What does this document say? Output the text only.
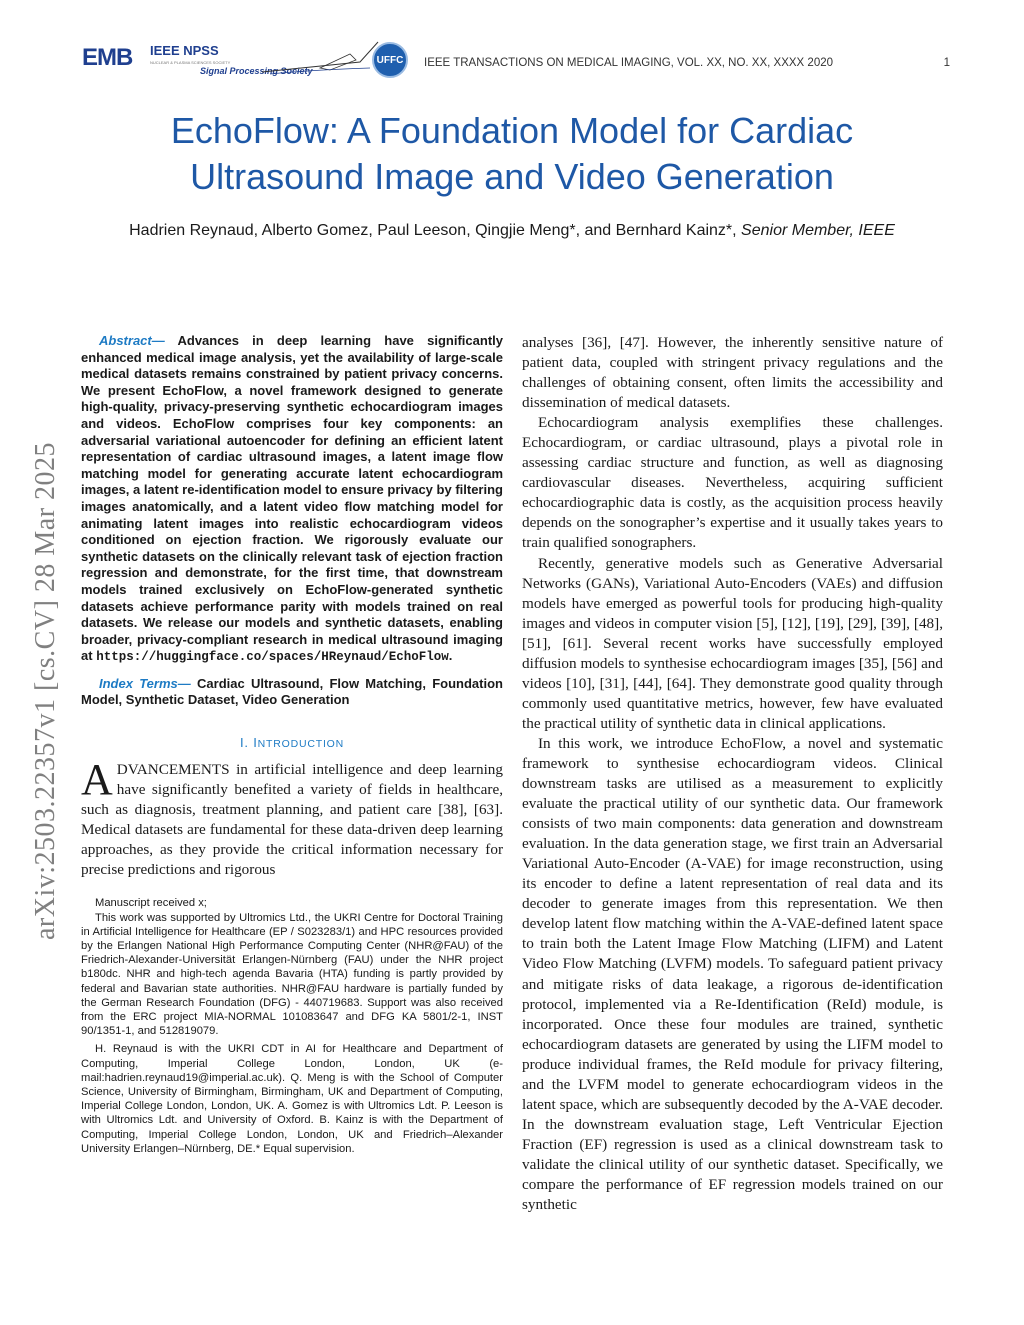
EMB IEEE NPSS
NUCLEAR & PLASMA SCIENCES SOCIETY
Signal Processing Society
UFFC	IEEE TRANSACTIONS ON MEDICAL IMAGING, VOL. XX, NO. XX, XXXX 2020	1
EchoFlow: A Foundation Model for Cardiac
Ultrasound Image and Video Generation
Hadrien Reynaud, Alberto Gomez, Paul Leeson, Qingjie Meng*, and Bernhard Kainz*, Senior Member, IEEE
arXiv:2503.22357v1 [cs.CV] 28 Mar 2025

Abstract— Advances in deep learning have significantly enhanced medical image analysis, yet the availability of large-scale medical datasets remains constrained by patient privacy concerns. We present EchoFlow, a novel framework designed to generate high-quality, privacy-preserving synthetic echocardiogram images and videos. EchoFlow comprises four key components: an adversarial variational autoencoder for defining an efficient latent representation of cardiac ultrasound images, a latent image flow matching model for generating accurate latent echocardiogram images, a latent re-identification model to ensure privacy by filtering images anatomically, and a latent video flow matching model for animating latent images into realistic echocardiogram videos conditioned on ejection fraction. We rigorously evaluate our synthetic datasets on the clinically relevant task of ejection fraction regression and demonstrate, for the first time, that downstream models trained exclusively on EchoFlow-generated synthetic datasets achieve performance parity with models trained on real datasets. We release our models and synthetic datasets, enabling broader, privacy-compliant research in medical ultrasound imaging at https://huggingface.co/spaces/HReynaud/EchoFlow.

Index Terms— Cardiac Ultrasound, Flow Matching, Foundation Model, Synthetic Dataset, Video Generation

I. INTRODUCTION

ADVANCEMENTS in artificial intelligence and deep learning have significantly benefited a variety of fields in healthcare, such as diagnosis, treatment planning, and patient care [38], [63]. Medical datasets are fundamental for these data-driven deep learning approaches, as they provide the critical information necessary for precise predictions and rigorous

Manuscript received x;

This work was supported by Ultromics Ltd., the UKRI Centre for Doctoral Training in Artificial Intelligence for Healthcare (EP / S023283/1) and HPC resources provided by the Erlangen National High Performance Computing Center (NHR@FAU) of the Friedrich-Alexander-Universität Erlangen-Nürnberg (FAU) under the NHR project b180dc. NHR and high-tech agenda Bavaria (HTA) funding is partly provided by federal and Bavarian state authorities. NHR@FAU hardware is partially funded by the German Research Foundation (DFG) - 440719683. Support was also received from the ERC project MIA-NORMAL 101083647 and DFG KA 5801/2-1, INST 90/1351-1, and 512819079.

H. Reynaud is with the UKRI CDT in AI for Healthcare and Department of Computing, Imperial College London, London, UK (e-mail:hadrien.reynaud19@imperial.ac.uk). Q. Meng is with the School of Computer Science, University of Birmingham, Birmingham, UK and Department of Computing, Imperial College London, London, UK. A. Gomez is with Ultromics Ldt. P. Leeson is with Ultromics Ldt. and University of Oxford. B. Kainz is with the Department of Computing, Imperial College London, London, UK and Friedrich–Alexander University Erlangen–Nürnberg, DE.* Equal supervision.

analyses [36], [47]. However, the inherently sensitive nature of patient data, coupled with stringent privacy regulations and the challenges of obtaining consent, often limits the accessibility and dissemination of medical datasets.

Echocardiogram analysis exemplifies these challenges. Echocardiogram, or cardiac ultrasound, plays a pivotal role in assessing cardiac structure and function, as well as diagnosing cardiovascular diseases. Nevertheless, acquiring sufficient echocardiographic data is costly, as the acquisition process heavily depends on the sonographer’s expertise and it usually takes years to train qualified sonographers.

Recently, generative models such as Generative Adversarial Networks (GANs), Variational Auto-Encoders (VAEs) and diffusion models have emerged as powerful tools for producing high-quality images and videos in computer vision [5], [12], [19], [29], [39], [48], [51], [61]. Several recent works have successfully employed diffusion models to synthesise echocardiogram images [35], [56] and videos [10], [31], [44], [64]. They demonstrate good quality through commonly used quantitative metrics, however, few have evaluated the practical utility of synthetic data in clinical applications.

In this work, we introduce EchoFlow, a novel and systematic framework to synthesise echocardiogram videos. Clinical downstream tasks are utilised as a measurement to explicitly evaluate the practical utility of our synthetic data. Our framework consists of two main components: data generation and downstream evaluation. In the data generation stage, we first train an Adversarial Variational Auto-Encoder (A-VAE) for image reconstruction, using its encoder to define a latent representation of real data and its decoder to generate images from this representation. We then develop latent flow matching within the A-VAE-defined latent space to train both the Latent Image Flow Matching (LIFM) and Latent Video Flow Matching (LVFM) models. To safeguard patient privacy and mitigate risks of data leakage, a rigorous de-identification protocol, implemented via a Re-Identification (ReId) module, is incorporated. Once these four modules are trained, synthetic echocardiogram datasets are generated by using the LIFM model to produce individual frames, the ReId module for privacy filtering, and the LVFM model to generate echocardiogram videos in the latent space, which are subsequently decoded by the A-VAE decoder. In the downstream evaluation stage, Left Ventricular Ejection Fraction (EF) regression is used as a clinical downstream task to validate the clinical utility of our synthetic dataset. Specifically, we compare the performance of EF regression models trained on our synthetic
